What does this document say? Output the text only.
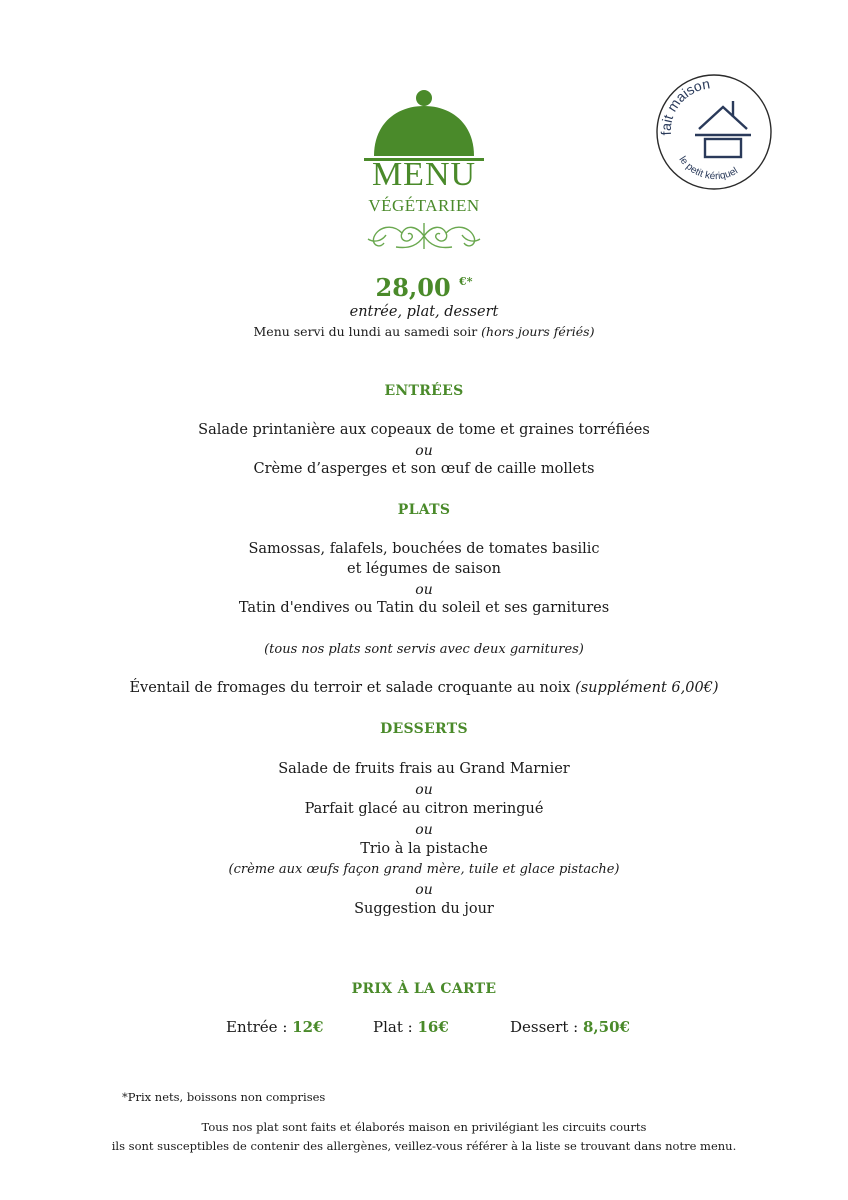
MENU
VÉGÉTARIEN
fait maison
le petit kériquel
28,00 €*
entrée, plat, dessert
Menu servi du lundi au samedi soir (hors jours fériés)
ENTRÉES
Salade printanière aux copeaux de tome et graines torréfiées
ou
Crème d’asperges et son œuf de caille mollets
PLATS
Samossas, falafels, bouchées de tomates basilic
et légumes de saison
ou
Tatin d'endives ou Tatin du soleil et ses garnitures
(tous nos plats sont servis avec deux garnitures)
Éventail de fromages du terroir et salade croquante au noix (supplément 6,00€)
DESSERTS
Salade de fruits frais au Grand Marnier
ou
Parfait glacé au citron meringué
ou
Trio à la pistache
(crème aux œufs façon grand mère, tuile et glace pistache)
ou
Suggestion du jour
PRIX À LA CARTE
Entrée : 12€	Plat : 16€	Dessert : 8,50€
*Prix nets, boissons non comprises
Tous nos plat sont faits et élaborés maison en privilégiant les circuits courts
ils sont susceptibles de contenir des allergènes, veillez-vous référer à la liste se trouvant dans notre menu.
